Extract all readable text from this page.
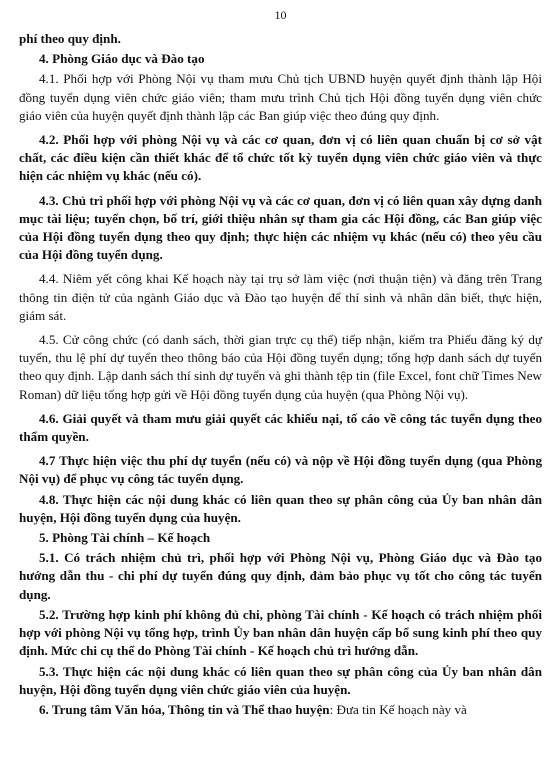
10

phí theo quy định.

4. Phòng Giáo dục và Đào tạo

4.1. Phối hợp với Phòng Nội vụ tham mưu Chủ tịch UBND huyện quyết định thành lập Hội đồng tuyển dụng viên chức giáo viên; tham mưu trình Chủ tịch Hội đồng tuyển dụng viên chức giáo viên của huyện quyết định thành lập các Ban giúp việc theo đúng quy định.

4.2. Phối hợp với phòng Nội vụ và các cơ quan, đơn vị có liên quan chuẩn bị cơ sở vật chất, các điều kiện cần thiết khác để tổ chức tốt kỳ tuyển dụng viên chức giáo viên và thực hiện các nhiệm vụ khác (nếu có).

4.3. Chủ trì phối hợp với phòng Nội vụ và các cơ quan, đơn vị có liên quan xây dựng danh mục tài liệu; tuyển chọn, bố trí, giới thiệu nhân sự tham gia các Hội đồng, các Ban giúp việc của Hội đồng tuyển dụng theo quy định; thực hiện các nhiệm vụ khác (nếu có) theo yêu cầu của Hội đồng tuyển dụng.

4.4. Niêm yết công khai Kế hoạch này tại trụ sở làm việc (nơi thuận tiện) và đăng trên Trang thông tin điện tử của ngành Giáo dục và Đào tạo huyện để thí sinh và nhân dân biết, thực hiện, giám sát.

4.5. Cử công chức (có danh sách, thời gian trực cụ thể) tiếp nhận, kiểm tra Phiếu đăng ký dự tuyển, thu lệ phí dự tuyển theo thông báo của Hội đồng tuyển dụng; tổng hợp danh sách dự tuyển theo quy định. Lập danh sách thí sinh dự tuyển và ghi thành tệp tin (file Excel, font chữ Times New Roman) dữ liệu tổng hợp gửi về Hội đồng tuyển dụng của huyện (qua Phòng Nội vụ).

4.6. Giải quyết và tham mưu giải quyết các khiếu nại, tố cáo về công tác tuyển dụng theo thẩm quyền.

4.7 Thực hiện việc thu phí dự tuyển (nếu có) và nộp về Hội đồng tuyển dụng (qua Phòng Nội vụ) để phục vụ công tác tuyển dụng.

4.8. Thực hiện các nội dung khác có liên quan theo sự phân công của Ủy ban nhân dân huyện, Hội đồng tuyển dụng của huyện.

5. Phòng Tài chính – Kế hoạch

5.1. Có trách nhiệm chủ trì, phối hợp với Phòng Nội vụ, Phòng Giáo dục và Đào tạo hướng dẫn thu - chi phí dự tuyển đúng quy định, đảm bảo phục vụ tốt cho công tác tuyển dụng.

5.2. Trường hợp kinh phí không đủ chi, phòng Tài chính - Kế hoạch có trách nhiệm phối hợp với phòng Nội vụ tổng hợp, trình Ủy ban nhân dân huyện cấp bổ sung kinh phí theo quy định. Mức chi cụ thể do Phòng Tài chính - Kế hoạch chủ trì hướng dẫn.

5.3. Thực hiện các nội dung khác có liên quan theo sự phân công của Ủy ban nhân dân huyện, Hội đồng tuyển dụng viên chức giáo viên của huyện.

6. Trung tâm Văn hóa, Thông tin và Thể thao huyện: Đưa tin Kế hoạch này và
